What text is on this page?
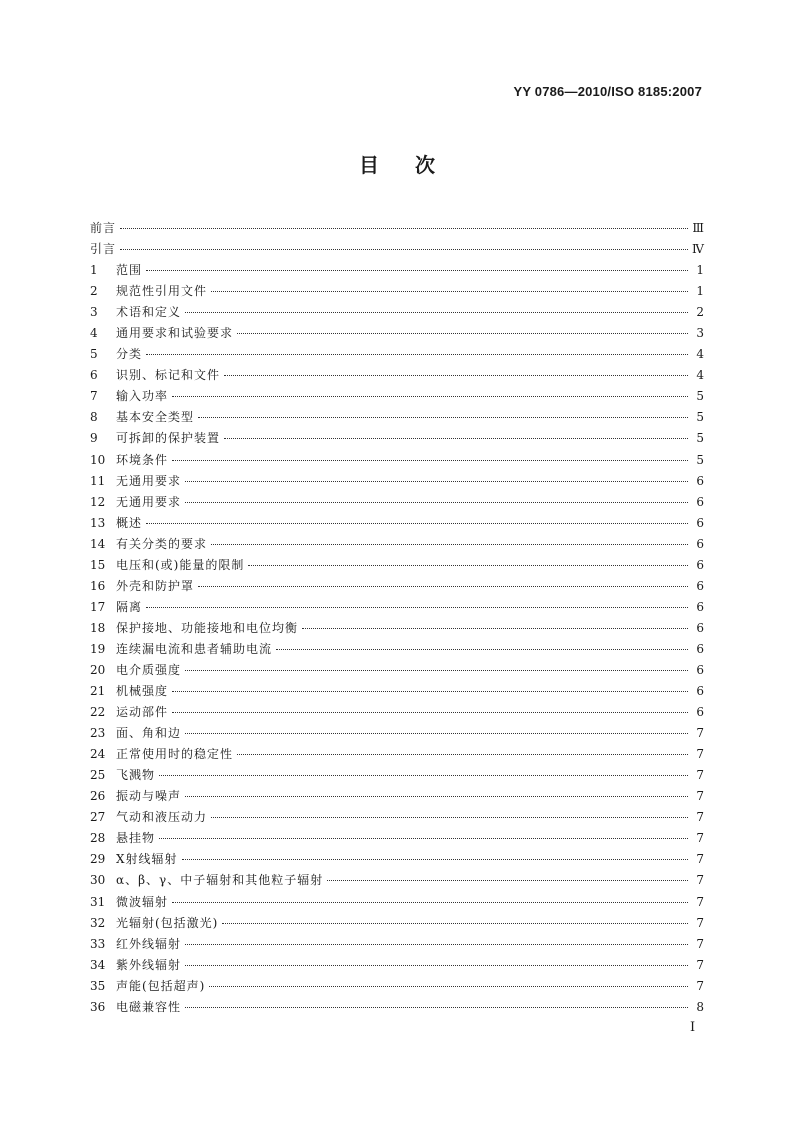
YY 0786—2010/ISO 8185:2007
目次
前言	Ⅲ
引言	Ⅳ
1	范围	1
2	规范性引用文件	1
3	术语和定义	2
4	通用要求和试验要求	3
5	分类	4
6	识别、标记和文件	4
7	输入功率	5
8	基本安全类型	5
9	可拆卸的保护装置	5
10 环境条件	5
11 无通用要求	6
12 无通用要求	6
13 概述	6
14 有关分类的要求	6
15 电压和(或)能量的限制	6
16 外壳和防护罩	6
17 隔离	6
18 保护接地、功能接地和电位均衡	6
19 连续漏电流和患者辅助电流	6
20 电介质强度	6
21 机械强度	6
22 运动部件	6
23 面、角和边	7
24 正常使用时的稳定性	7
25 飞溅物	7
26 振动与噪声	7
27 气动和液压动力	7
28 悬挂物	7
29 X射线辐射	7
30 α、β、γ、中子辐射和其他粒子辐射	7
31 微波辐射	7
32 光辐射(包括激光)	7
33 红外线辐射	7
34 紫外线辐射	7
35 声能(包括超声)	7
36 电磁兼容性	8
I
